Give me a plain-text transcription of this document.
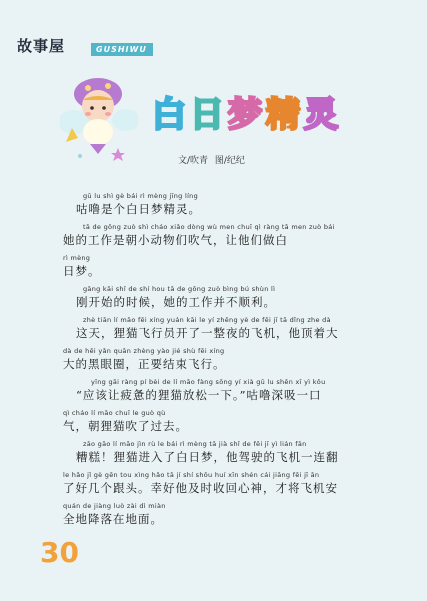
故事屋	GUSHIWU
白 日 梦 精 灵
文/吹青 图/纪纪
gū lu shì gè bái rì mèng jīng líng
咕噜是个白日梦精灵。
tā de gōng zuò shì cháo xiǎo dòng wù men chuī qì ràng tā men zuò bái
她的工作是朝小动物们吹气，让他们做白
rì mèng
日梦。
gāng kāi shǐ de shí hou tā de gōng zuò bìng bú shùn lì
刚开始的时候，她的工作并不顺利。
zhè tiān lí māo fēi xíng yuán kāi le yí zhěng yè de fēi jī tā dǐng zhe dà
这天，狸猫飞行员开了一整夜的飞机，他顶着大
dà de hēi yǎn quān zhèng yào jié shù fēi xíng
大的黑眼圈，正要结束飞行。
yīng gāi ràng pí bèi de lí māo fàng sōng yí xià gū lu shēn xī yì kǒu
“应该让疲惫的狸猫放松一下。”咕噜深吸一口
qì cháo lí māo chuī le guò qù
气，朝狸猫吹了过去。
zāo gāo lí māo jìn rù le bái rì mèng tā jià shǐ de fēi jī yì lián fān
糟糕！狸猫进入了白日梦，他驾驶的飞机一连翻
le hǎo jǐ gè gēn tou xìng hǎo tā jí shí shōu huí xīn shén cái jiāng fēi jī ān
了好几个跟头。幸好他及时收回心神，才将飞机安
quán de jiàng luò zài dì miàn
全地降落在地面。
30
